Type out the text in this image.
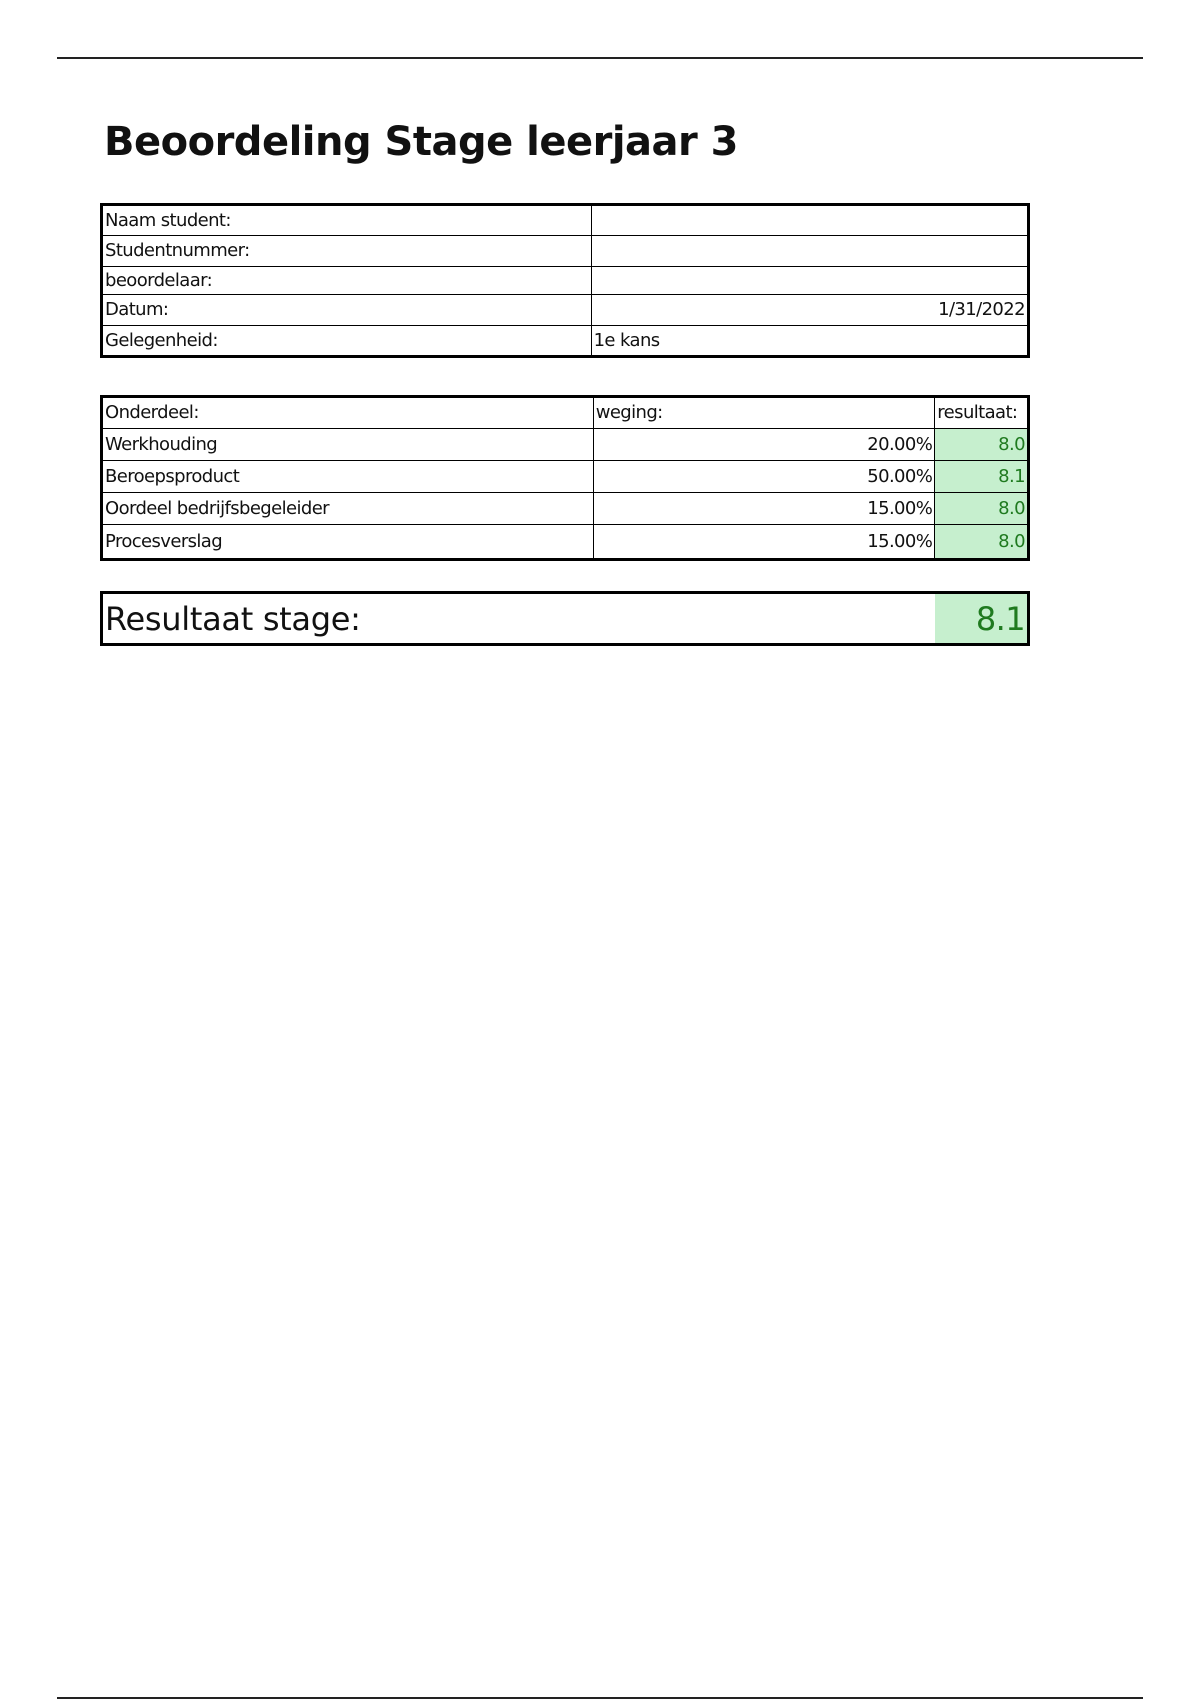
Beoordeling Stage leerjaar 3
Naam student:	
Studentnummer:	
beoordelaar:	
Datum:	1/31/2022
Gelegenheid:	1e kans
Onderdeel:	weging:	resultaat:
Werkhouding	20.00%	8.0
Beroepsproduct	50.00%	8.1
Oordeel bedrijfsbegeleider	15.00%	8.0
Procesverslag	15.00%	8.0
Resultaat stage:	8.1
